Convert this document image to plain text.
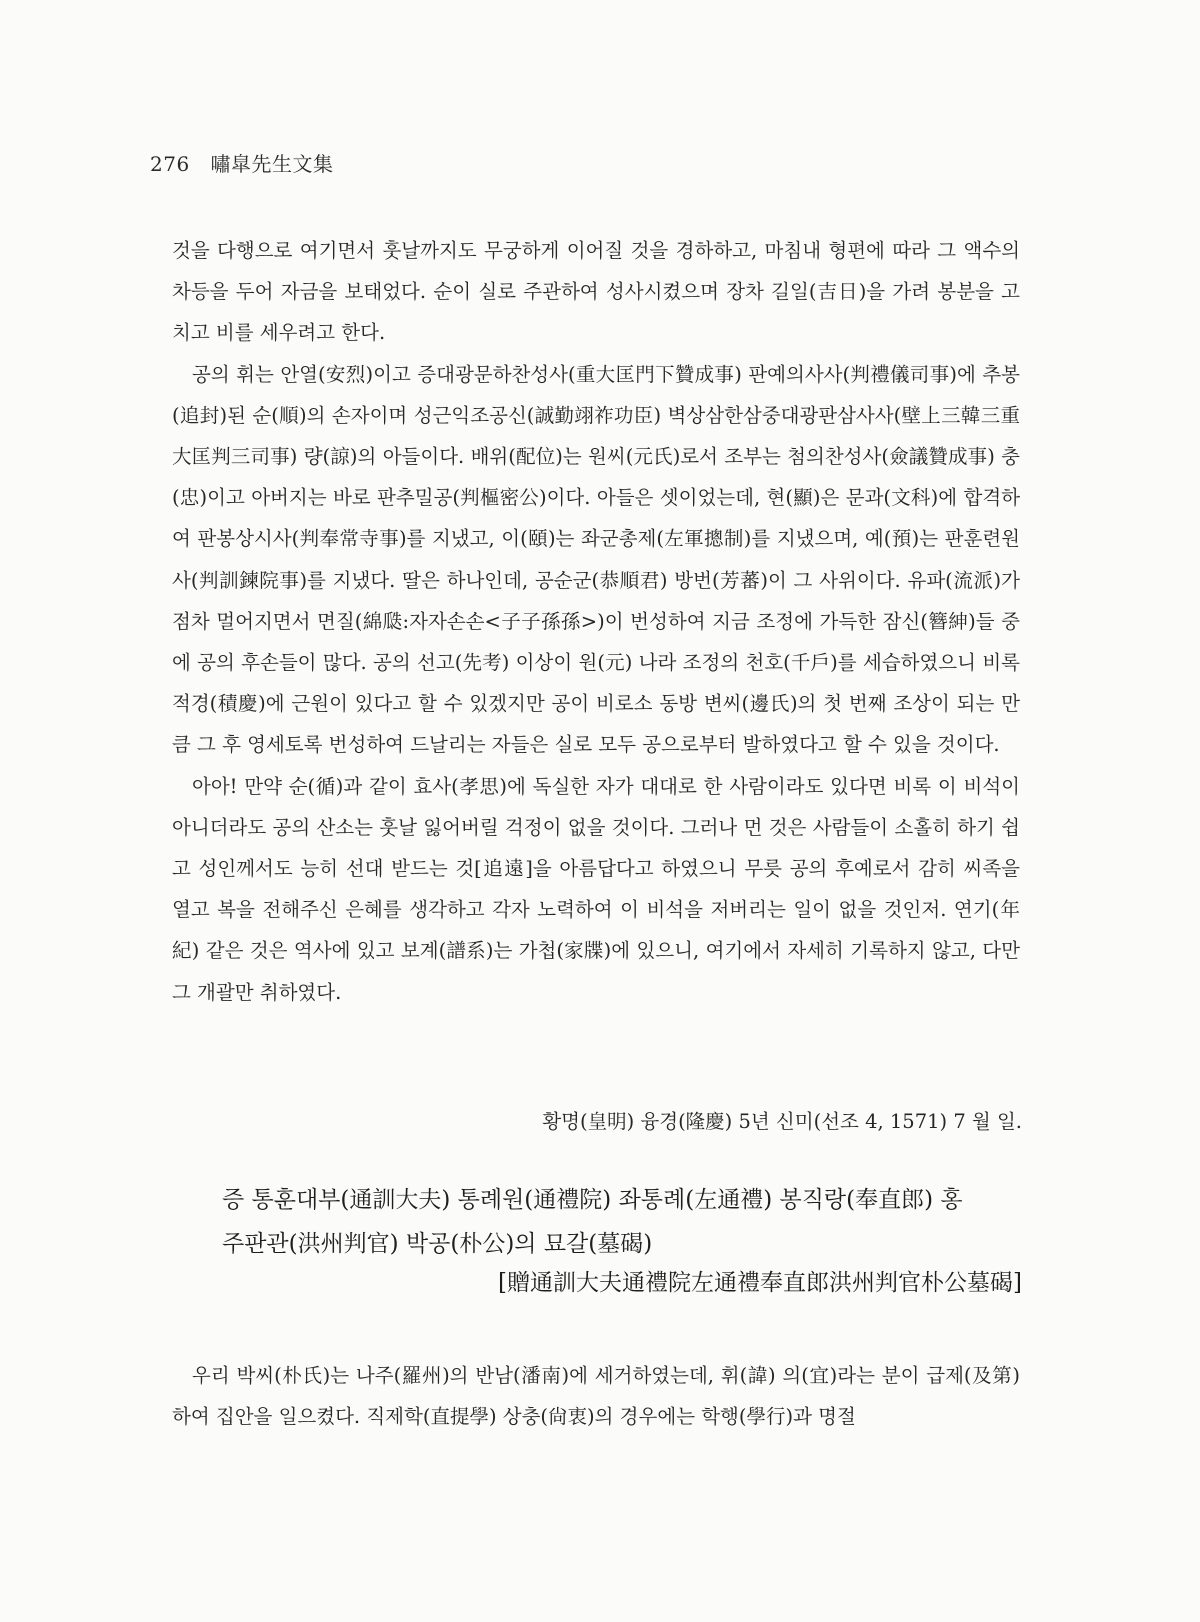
276 嘯皐先生文集

것을 다행으로 여기면서 훗날까지도 무궁하게 이어질 것을 경하하고, 마침내 형편에 따라 그 액수의 차등을 두어 자금을 보태었다. 순이 실로 주관하여 성사시켰으며 장차 길일(吉日)을 가려 봉분을 고치고 비를 세우려고 한다.

공의 휘는 안열(安烈)이고 증대광문하찬성사(重大匡門下贊成事) 판예의사사(判禮儀司事)에 추봉(追封)된 순(順)의 손자이며 성근익조공신(誠勤翊祚功臣) 벽상삼한삼중대광판삼사사(壁上三韓三重大匡判三司事) 량(諒)의 아들이다. 배위(配位)는 원씨(元氏)로서 조부는 첨의찬성사(僉議贊成事) 충(忠)이고 아버지는 바로 판추밀공(判樞密公)이다. 아들은 셋이었는데, 현(顯)은 문과(文科)에 합격하여 판봉상시사(判奉常寺事)를 지냈고, 이(頤)는 좌군총제(左軍摠制)를 지냈으며, 예(預)는 판훈련원사(判訓鍊院事)를 지냈다. 딸은 하나인데, 공순군(恭順君) 방번(芳蕃)이 그 사위이다. 유파(流派)가 점차 멀어지면서 면질(綿瓞:자자손손<子子孫孫>)이 번성하여 지금 조정에 가득한 잠신(簪紳)들 중에 공의 후손들이 많다. 공의 선고(先考) 이상이 원(元) 나라 조정의 천호(千戶)를 세습하였으니 비록 적경(積慶)에 근원이 있다고 할 수 있겠지만 공이 비로소 동방 변씨(邊氏)의 첫 번째 조상이 되는 만큼 그 후 영세토록 번성하여 드날리는 자들은 실로 모두 공으로부터 발하였다고 할 수 있을 것이다.

아아! 만약 순(循)과 같이 효사(孝思)에 독실한 자가 대대로 한 사람이라도 있다면 비록 이 비석이 아니더라도 공의 산소는 훗날 잃어버릴 걱정이 없을 것이다. 그러나 먼 것은 사람들이 소홀히 하기 쉽고 성인께서도 능히 선대 받드는 것[追遠]을 아름답다고 하였으니 무릇 공의 후예로서 감히 씨족을 열고 복을 전해주신 은혜를 생각하고 각자 노력하여 이 비석을 저버리는 일이 없을 것인저. 연기(年紀) 같은 것은 역사에 있고 보계(譜系)는 가첩(家牒)에 있으니, 여기에서 자세히 기록하지 않고, 다만 그 개괄만 취하였다.

황명(皇明) 융경(隆慶) 5년 신미(선조 4, 1571) 7 월 일.
증 통훈대부(通訓大夫) 통례원(通禮院) 좌통례(左通禮) 봉직랑(奉直郎) 홍
주판관(洪州判官) 박공(朴公)의 묘갈(墓碣)
[贈通訓大夫通禮院左通禮奉直郎洪州判官朴公墓碣]

우리 박씨(朴氏)는 나주(羅州)의 반남(潘南)에 세거하였는데, 휘(諱) 의(宜)라는 분이 급제(及第)하여 집안을 일으켰다. 직제학(直提學) 상충(尙衷)의 경우에는 학행(學行)과 명절
